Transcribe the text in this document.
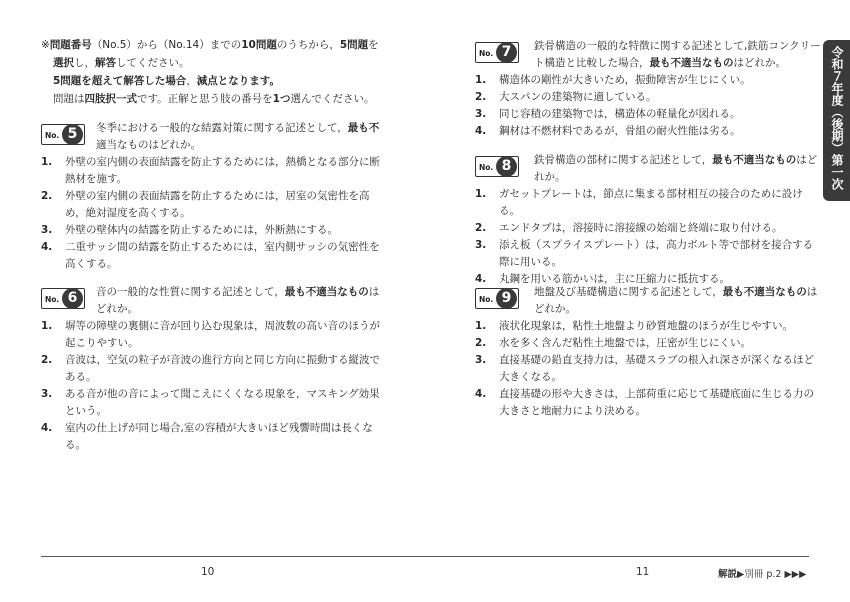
※問題番号（No.5）から（No.14）までの10問題のうちから，5問題を
選択し，解答してください。
5問題を超えて解答した場合，減点となります。
問題は四肢択一式です。正解と思う肢の番号を1つ選んでください。
No. 5	冬季における一般的な結露対策に関する記述として，最も不
適当なものはどれか。
1. 外壁の室内側の表面結露を防止するためには，熱橋となる部分に断熱材を施す。
2. 外壁の室内側の表面結露を防止するためには，居室の気密性を高め，絶対湿度を高くする。
3. 外壁の壁体内の結露を防止するためには，外断熱にする。
4. 二重サッシ間の結露を防止するためには，室内側サッシの気密性を高くする。
No. 6	音の一般的な性質に関する記述として，最も不適当なものは
どれか。
1. 塀等の障壁の裏側に音が回り込む現象は，周波数の高い音のほうが起こりやすい。
2. 音波は，空気の粒子が音波の進行方向と同じ方向に振動する縦波である。
3. ある音が他の音によって聞こえにくくなる現象を，マスキング効果という。
4. 室内の仕上げが同じ場合,室の容積が大きいほど残響時間は長くなる。
No. 7	鉄骨構造の一般的な特徴に関する記述として,鉄筋コンクリー
ト構造と比較した場合，最も不適当なものはどれか。
1. 構造体の剛性が大きいため，振動障害が生じにくい。
2. 大スパンの建築物に適している。
3. 同じ容積の建築物では，構造体の軽量化が図れる。
4. 鋼材は不燃材料であるが，骨組の耐火性能は劣る。
No. 8	鉄骨構造の部材に関する記述として，最も不適当なものはど
れか。
1. ガセットプレートは，節点に集まる部材相互の接合のために設ける。
2. エンドタブは，溶接時に溶接線の始端と終端に取り付ける。
3. 添え板（スプライスプレート）は，高力ボルト等で部材を接合する際に用いる。
4. 丸鋼を用いる筋かいは，主に圧縮力に抵抗する。
No. 9	地盤及び基礎構造に関する記述として，最も不適当なものは
どれか。
1. 液状化現象は，粘性土地盤より砂質地盤のほうが生じやすい。
2. 水を多く含んだ粘性土地盤では，圧密が生じにくい。
3. 直接基礎の鉛直支持力は，基礎スラブの根入れ深さが深くなるほど大きくなる。
4. 直接基礎の形や大きさは，上部荷重に応じて基礎底面に生じる力の大きさと地耐力により決める。
令和７年度（後期）第一次検定
10	11	解説▶別冊 p.2 ▶▶▶
